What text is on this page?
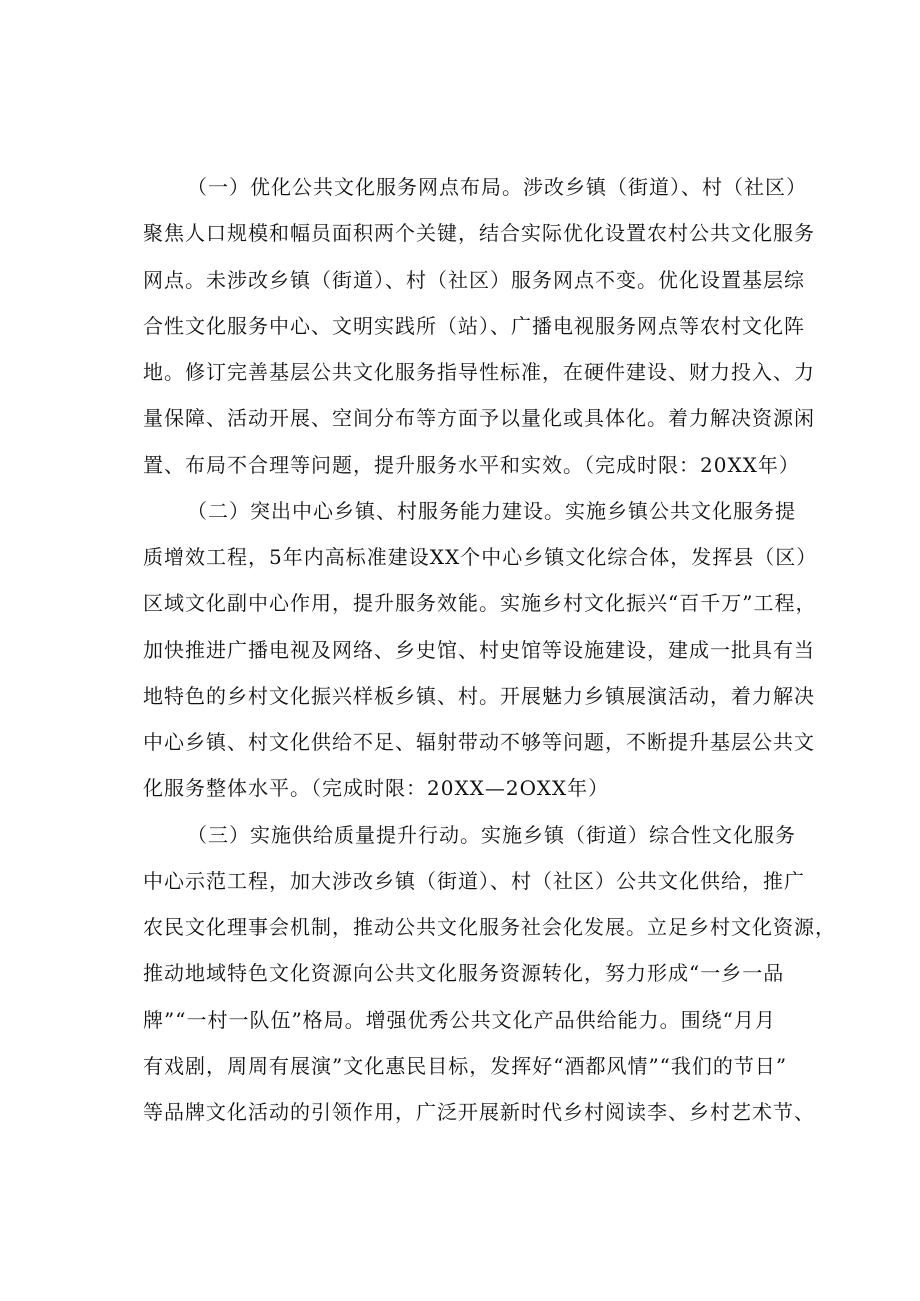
（一）优化公共文化服务网点布局。涉改乡镇（街道）、村（社区）
聚焦人口规模和幅员面积两个关键，结合实际优化设置农村公共文化服务
网点。未涉改乡镇（街道）、村（社区）服务网点不变。优化设置基层综
合性文化服务中心、文明实践所（站）、广播电视服务网点等农村文化阵
地。修订完善基层公共文化服务指导性标准，在硬件建设、财力投入、力
量保障、活动开展、空间分布等方面予以量化或具体化。着力解决资源闲
置、布局不合理等问题，提升服务水平和实效。（完成时限：20XX年）
（二）突出中心乡镇、村服务能力建设。实施乡镇公共文化服务提
质增效工程，5年内高标准建设XX个中心乡镇文化综合体，发挥县（区）
区域文化副中心作用，提升服务效能。实施乡村文化振兴“百千万”工程，
加快推进广播电视及网络、乡史馆、村史馆等设施建设，建成一批具有当
地特色的乡村文化振兴样板乡镇、村。开展魅力乡镇展演活动，着力解决
中心乡镇、村文化供给不足、辐射带动不够等问题，不断提升基层公共文
化服务整体水平。（完成时限：20XX—2OXX年）
（三）实施供给质量提升行动。实施乡镇（街道）综合性文化服务
中心示范工程，加大涉改乡镇（街道）、村（社区）公共文化供给，推广
农民文化理事会机制，推动公共文化服务社会化发展。立足乡村文化资源，
推动地域特色文化资源向公共文化服务资源转化，努力形成“一乡一品
牌”“一村一队伍”格局。增强优秀公共文化产品供给能力。围绕“月月
有戏剧，周周有展演”文化惠民目标，发挥好“酒都风情”“我们的节日”
等品牌文化活动的引领作用，广泛开展新时代乡村阅读李、乡村艺术节、
